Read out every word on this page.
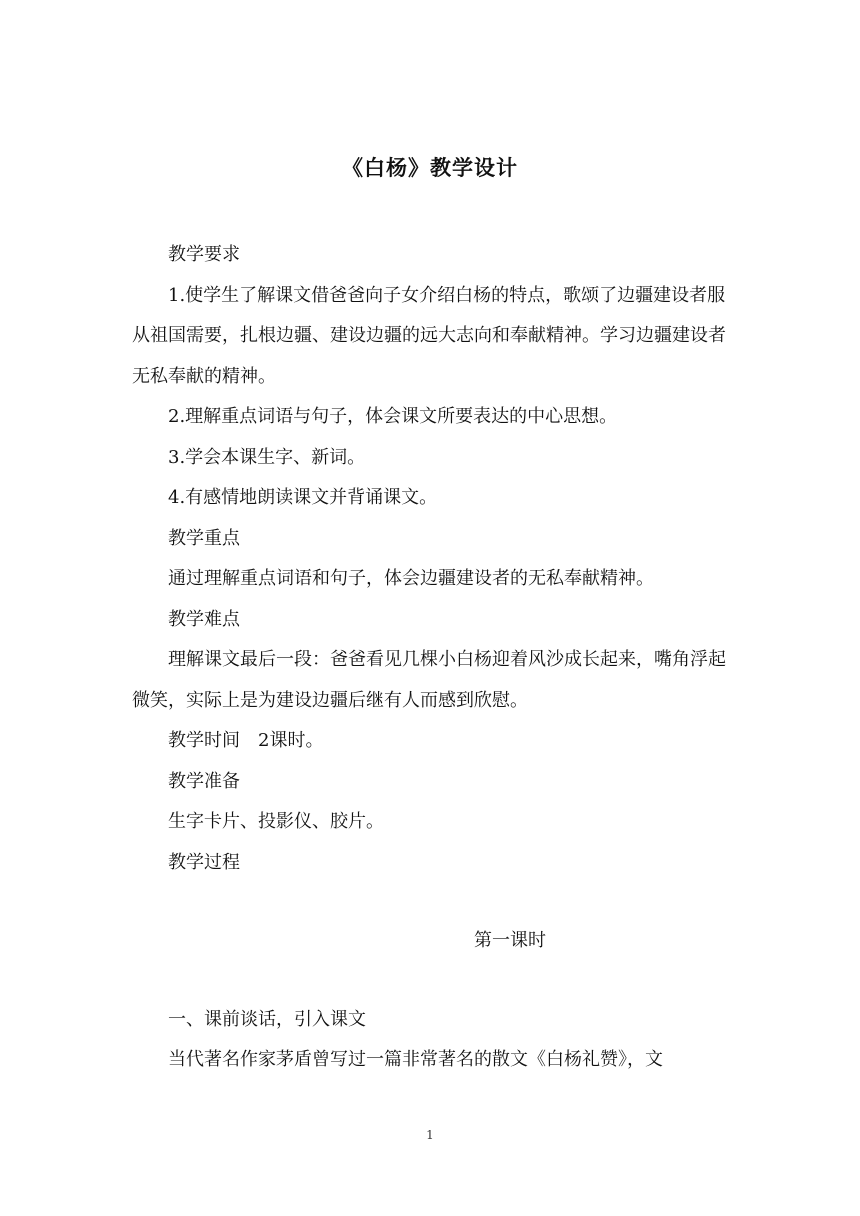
《白杨》教学设计

教学要求

1.使学生了解课文借爸爸向子女介绍白杨的特点，歌颂了边疆建设者服从祖国需要，扎根边疆、建设边疆的远大志向和奉献精神。学习边疆建设者无私奉献的精神。

2.理解重点词语与句子，体会课文所要表达的中心思想。

3.学会本课生字、新词。

4.有感情地朗读课文并背诵课文。

教学重点

通过理解重点词语和句子，体会边疆建设者的无私奉献精神。

教学难点

理解课文最后一段：爸爸看见几棵小白杨迎着风沙成长起来，嘴角浮起微笑，实际上是为建设边疆后继有人而感到欣慰。

教学时间　2课时。

教学准备

生字卡片、投影仪、胶片。

教学过程

第一课时

一、课前谈话，引入课文

当代著名作家茅盾曾写过一篇非常著名的散文《白杨礼赞》，文

1
